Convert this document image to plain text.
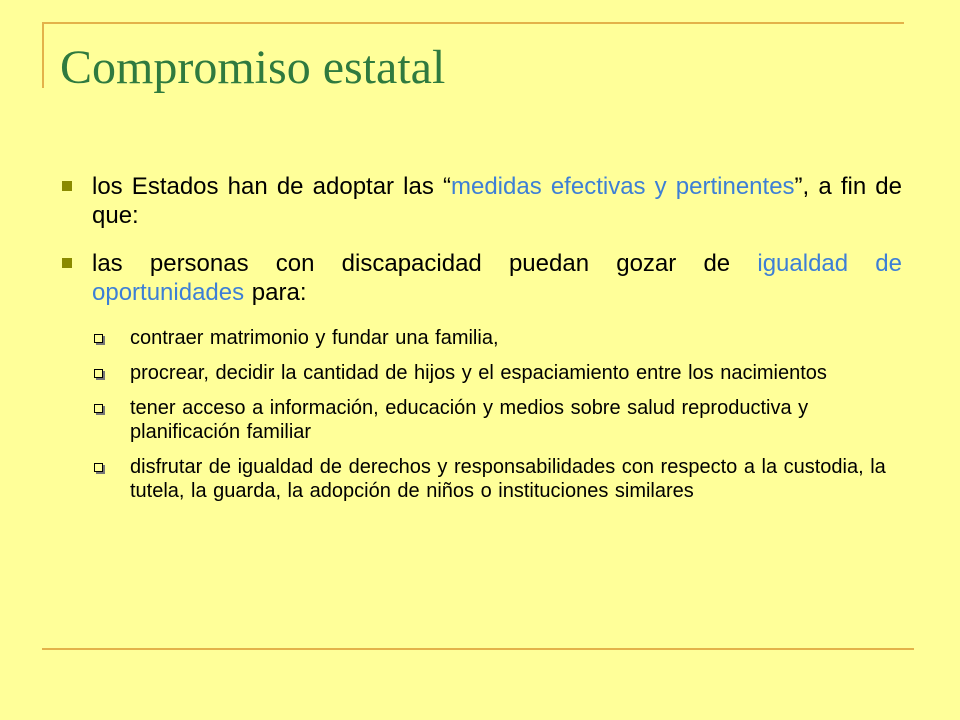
Compromiso estatal

los Estados han de adoptar las “medidas efectivas y pertinentes”, a fin de que:

las personas con discapacidad puedan gozar de igualdad de oportunidades para:

contraer matrimonio y fundar una familia,

procrear, decidir la cantidad de hijos y el espaciamiento entre los nacimientos

tener acceso a información, educación y medios sobre salud reproductiva y planificación familiar

disfrutar de igualdad de derechos y responsabilidades con respecto a la custodia, la tutela, la guarda, la adopción de niños o instituciones similares
